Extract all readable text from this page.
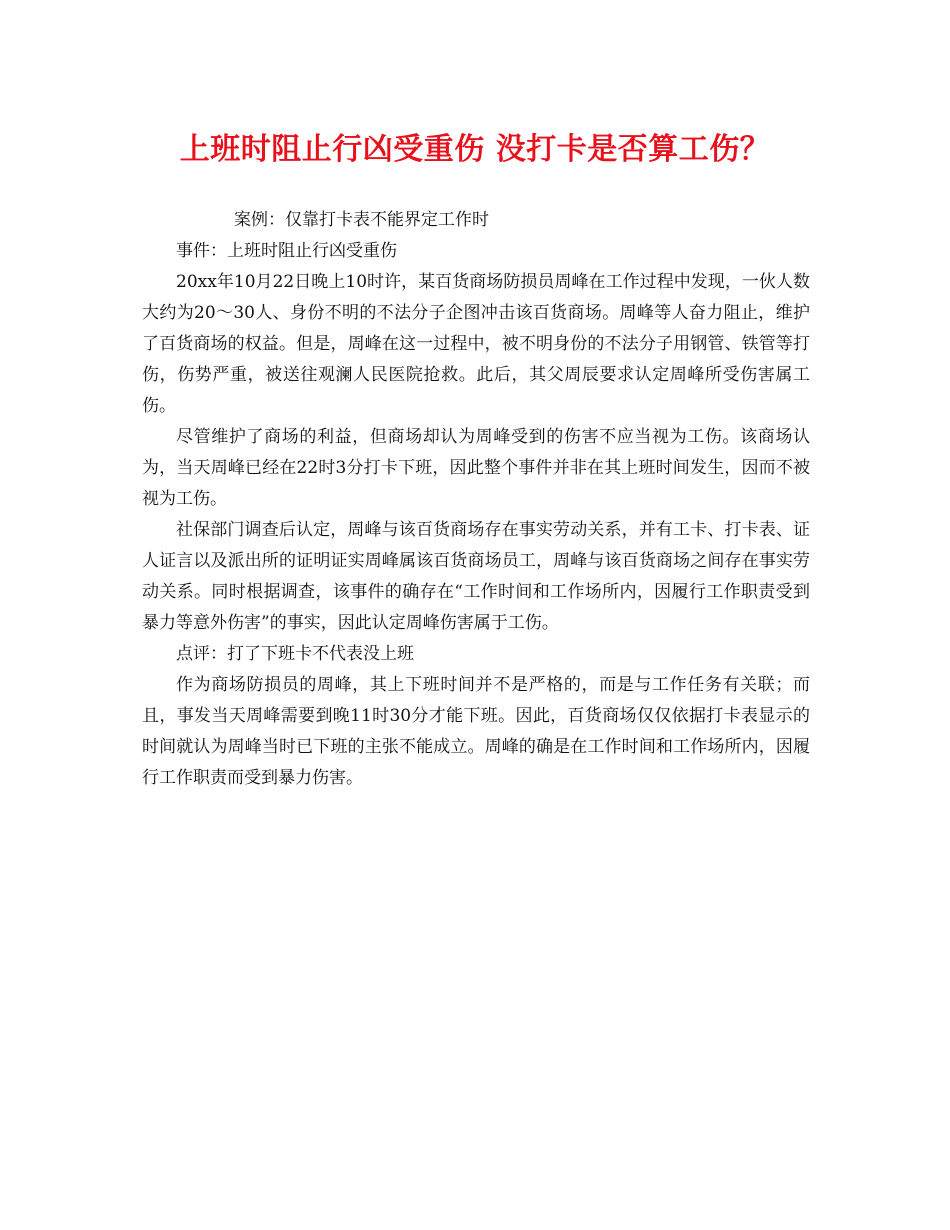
上班时阻止行凶受重伤 没打卡是否算工伤？

案例：仅靠打卡表不能界定工作时

事件：上班时阻止行凶受重伤

20xx年10月22日晚上10时许，某百货商场防损员周峰在工作过程中发现，一伙人数大约为20～30人、身份不明的不法分子企图冲击该百货商场。周峰等人奋力阻止，维护了百货商场的权益。但是，周峰在这一过程中，被不明身份的不法分子用钢管、铁管等打伤，伤势严重，被送往观澜人民医院抢救。此后，其父周辰要求认定周峰所受伤害属工伤。

尽管维护了商场的利益，但商场却认为周峰受到的伤害不应当视为工伤。该商场认为，当天周峰已经在22时3分打卡下班，因此整个事件并非在其上班时间发生，因而不被视为工伤。

社保部门调查后认定，周峰与该百货商场存在事实劳动关系，并有工卡、打卡表、证人证言以及派出所的证明证实周峰属该百货商场员工，周峰与该百货商场之间存在事实劳动关系。同时根据调查，该事件的确存在“工作时间和工作场所内，因履行工作职责受到暴力等意外伤害”的事实，因此认定周峰伤害属于工伤。

点评：打了下班卡不代表没上班

作为商场防损员的周峰，其上下班时间并不是严格的，而是与工作任务有关联；而且，事发当天周峰需要到晚11时30分才能下班。因此，百货商场仅仅依据打卡表显示的时间就认为周峰当时已下班的主张不能成立。周峰的确是在工作时间和工作场所内，因履行工作职责而受到暴力伤害。
